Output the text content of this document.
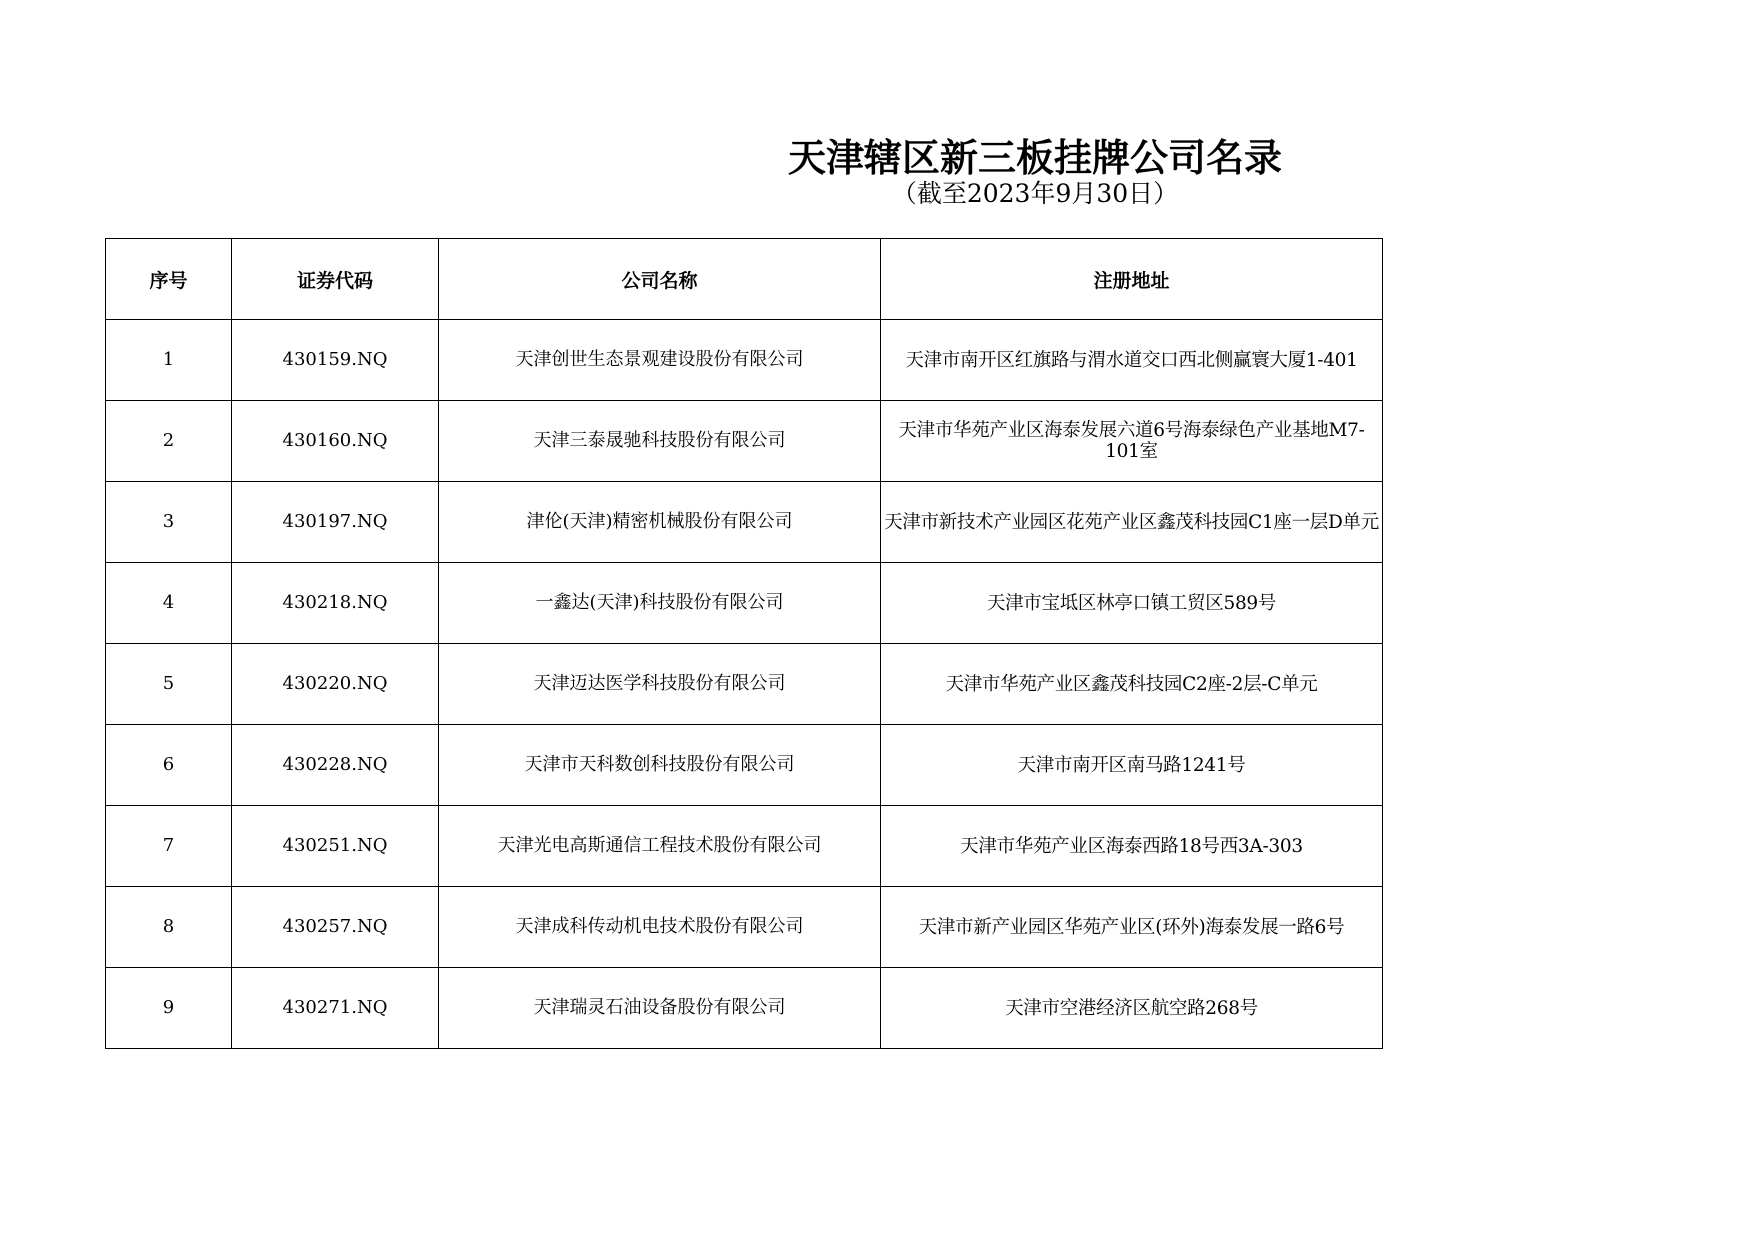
天津辖区新三板挂牌公司名录
（截至2023年9月30日）
序号	证券代码	公司名称	注册地址
1	430159.NQ	天津创世生态景观建设股份有限公司	天津市南开区红旗路与渭水道交口西北侧赢寰大厦1-401
2	430160.NQ	天津三泰晟驰科技股份有限公司	天津市华苑产业区海泰发展六道6号海泰绿色产业基地M7-101室
3	430197.NQ	津伦(天津)精密机械股份有限公司	天津市新技术产业园区花苑产业区鑫茂科技园C1座一层D单元
4	430218.NQ	一鑫达(天津)科技股份有限公司	天津市宝坻区林亭口镇工贸区589号
5	430220.NQ	天津迈达医学科技股份有限公司	天津市华苑产业区鑫茂科技园C2座-2层-C单元
6	430228.NQ	天津市天科数创科技股份有限公司	天津市南开区南马路1241号
7	430251.NQ	天津光电高斯通信工程技术股份有限公司	天津市华苑产业区海泰西路18号西3A-303
8	430257.NQ	天津成科传动机电技术股份有限公司	天津市新产业园区华苑产业区(环外)海泰发展一路6号
9	430271.NQ	天津瑞灵石油设备股份有限公司	天津市空港经济区航空路268号
